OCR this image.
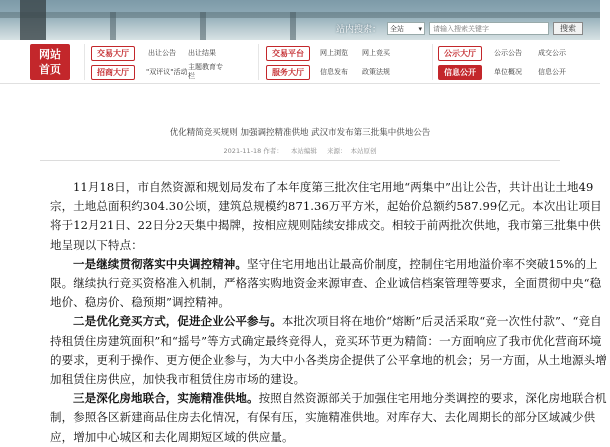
站内搜索： 全站 ▾
请输入搜索关键字	搜索
网站
首页
交易大厅
招商大厅
出让公告 出让结果
"双评议"活动
主题教育专栏
交易平台
服务大厅
网上浏览 网上竞买
信息发布 政策法规
公示大厅
信息公开
公示公告 成交公示
单位概况 信息公开
优化精简竞买规则 加强调控精准供地 武汉市发布第三批集中供地公告
2021-11-18 作者： 本站编辑 来源： 本站原创

11月18日，市自然资源和规划局发布了本年度第三批次住宅用地“两集中”出让公告，共计出让土地49宗，土地总面积约304.30公顷，建筑总规模约871.36万平方米，起始价总额约587.99亿元。本次出让项目将于12月21日、22日分2天集中揭牌，按相应规则陆续安排成交。相较于前两批次供地，我市第三批集中供地呈现以下特点：

一是继续贯彻落实中央调控精神。坚守住宅用地出让最高价制度，控制住宅用地溢价率不突破15%的上限。继续执行竞买资格准入机制，严格落实购地资金来源审查、企业诚信档案管理等要求，全面贯彻中央“稳地价、稳房价、稳预期”调控精神。

二是优化竞买方式，促进企业公平参与。本批次项目将在地价“熔断”后灵活采取“竞一次性付款”、“竞自持租赁住房建筑面积”和“摇号”等方式确定最终竞得人，竞买环节更为精简：一方面响应了我市优化营商环境的要求，更利于操作、更方便企业参与，为大中小各类房企提供了公平拿地的机会；另一方面，从土地源头增加租赁住房供应，加快我市租赁住房市场的建设。

三是深化房地联合，实施精准供地。按照自然资源部关于加强住宅用地分类调控的要求，深化房地联合机制，参照各区新建商品住房去化情况，有保有压，实施精准供地。对库存大、去化周期长的部分区域减少供应，增加中心城区和去化周期短区域的供应量。
